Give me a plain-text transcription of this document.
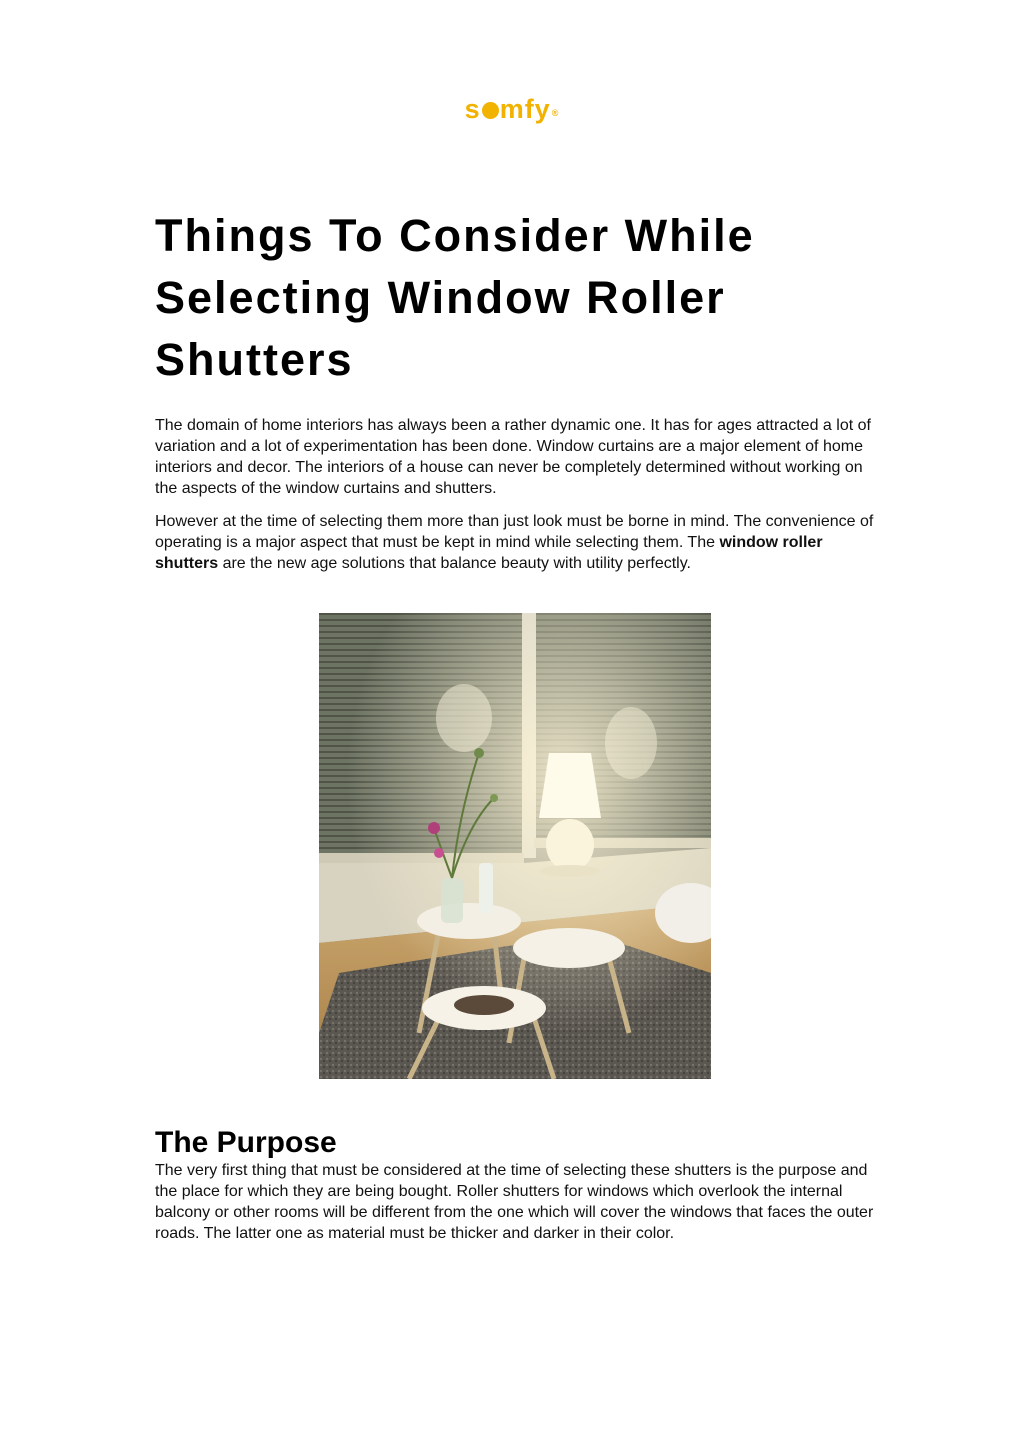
s mfy®
Things To Consider While Selecting Window Roller Shutters

The domain of home interiors has always been a rather dynamic one. It has for ages attracted a lot of variation and a lot of experimentation has been done. Window curtains are a major element of home interiors and decor. The interiors of a house can never be completely determined without working on the aspects of the window curtains and shutters.

However at the time of selecting them more than just look must be borne in mind. The convenience of operating is a major aspect that must be kept in mind while selecting them. The window roller shutters are the new age solutions that balance beauty with utility perfectly.

The Purpose

The very first thing that must be considered at the time of selecting these shutters is the purpose and the place for which they are being bought. Roller shutters for windows which overlook the internal balcony or other rooms will be different from the one which will cover the windows that faces the outer roads. The latter one as material must be thicker and darker in their color.
